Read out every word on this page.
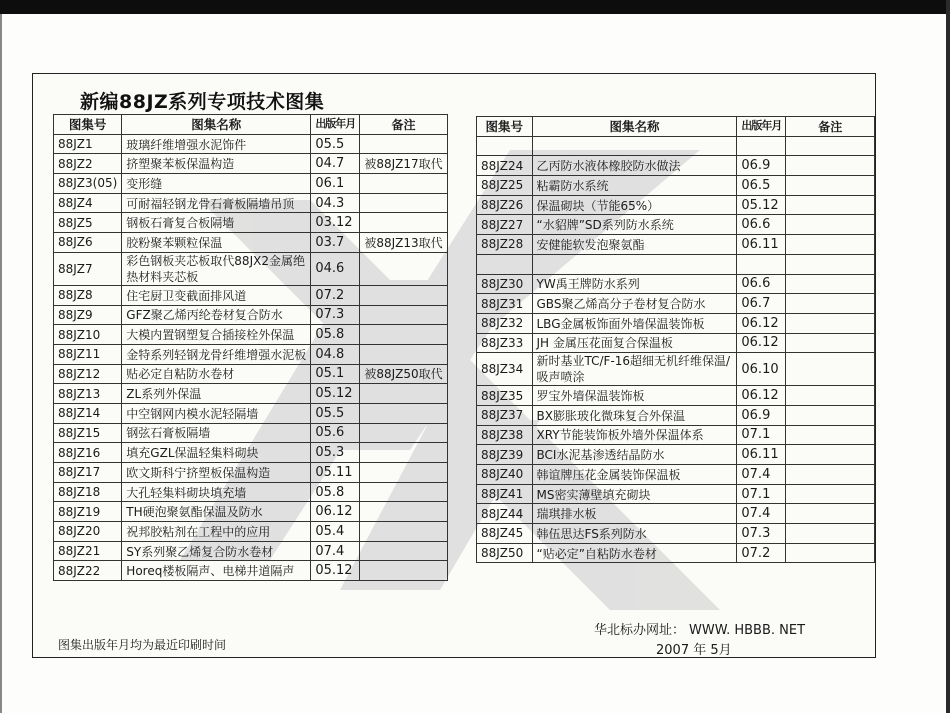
新编88JZ系列专项技术图集
图集号	图集名称	出版年月	备注
88JZ1	玻璃纤维增强水泥饰件	05.5	
88JZ2	挤塑聚苯板保温构造	04.7	被88JZ17取代
88JZ3(05)	变形缝	06.1	
88JZ4	可耐福轻钢龙骨石膏板隔墙吊顶	04.3	
88JZ5	钢板石膏复合板隔墙	03.12	
88JZ6	胶粉聚苯颗粒保温	03.7	被88JZ13取代
88JZ7	彩色钢板夹芯板取代88JX2金属绝热材料夹芯板	04.6	
88JZ8	住宅厨卫变截面排风道	07.2	
88JZ9	GFZ聚乙烯丙纶卷材复合防水	07.3	
88JZ10	大模内置钢塑复合插接栓外保温	05.8	
88JZ11	金特系列轻钢龙骨纤维增强水泥板	04.8	
88JZ12	贴必定自粘防水卷材	05.1	被88JZ50取代
88JZ13	ZL系列外保温	05.12	
88JZ14	中空钢网内模水泥轻隔墙	05.5	
88JZ15	钢弦石膏板隔墙	05.6	
88JZ16	填充GZL保温轻集料砌块	05.3	
88JZ17	欧文斯科宁挤塑板保温构造	05.11	
88JZ18	大孔轻集料砌块填充墙	05.8	
88JZ19	TH硬泡聚氨酯保温及防水	06.12	
88JZ20	祝邦胶粘剂在工程中的应用	05.4	
88JZ21	SY系列聚乙烯复合防水卷材	07.4	
88JZ22	Horeq楼板隔声、电梯井道隔声	05.12	
图集号	图集名称	出版年月	备注

88JZ24	乙丙防水液体橡胶防水做法	06.9	
88JZ25	粘霸防水系统	06.5	
88JZ26	保温砌块（节能65%）	05.12	
88JZ27	“水貂牌”SD系列防水系统	06.6	
88JZ28	安健能软发泡聚氨酯	06.11	

88JZ30	YW禹王牌防水系列	06.6	
88JZ31	GBS聚乙烯高分子卷材复合防水	06.7	
88JZ32	LBG金属板饰面外墙保温装饰板	06.12	
88JZ33	JH 金属压花面复合保温板	06.12	
88JZ34	新时基业TC/F-16超细无机纤维保温/吸声喷涂	06.10	
88JZ35	罗宝外墙保温装饰板	06.12	
88JZ37	BX膨胀玻化微珠复合外保温	06.9	
88JZ38	XRY节能装饰板外墙外保温体系	07.1	
88JZ39	BCⅠ水泥基渗透结晶防水	06.11	
88JZ40	韩谊牌压花金属装饰保温板	07.4	
88JZ41	MS密实薄壁填充砌块	07.1	
88JZ44	瑞琪排水板	07.4	
88JZ45	韩伍思达FS系列防水	07.3	
88JZ50	“贴必定”自粘防水卷材	07.2	
图集出版年月均为最近印刷时间
华北标办网址： WWW. HBBB. NET
2007 年 5月
